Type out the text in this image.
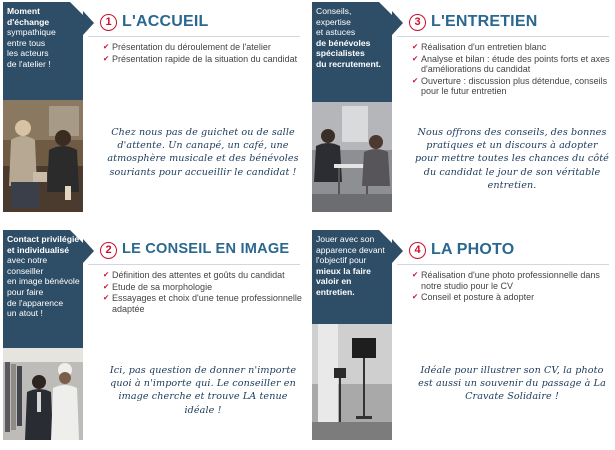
Moment
d'échange
sympathique
entre tous
les acteurs
de l'atelier !
1 L'ACCUEIL
✔ Présentation du déroulement de l'atelier
✔ Présentation rapide de la situation du candidat
Chez nous pas de guichet ou de salle d'attente. Un canapé, un café, une atmosphère musicale et des bénévoles souriants pour accueillir le candidat !
Conseils,
expertise
et astuces
de bénévoles
spécialistes
du recrutement.
3 L'ENTRETIEN
✔ Réalisation d'un entretien blanc
✔ Analyse et bilan : étude des points forts et axes d'améliorations du candidat
✔ Ouverture : discussion plus détendue, conseils pour le futur entretien
Nous offrons des conseils, des bonnes pratiques et un discours à adopter pour mettre toutes les chances du côté du candidat le jour de son véritable entretien.
Contact privilégié
et individualisé
avec notre
conseiller
en image bénévole
pour faire
de l'apparence
un atout !
2 LE CONSEIL EN IMAGE
✔ Définition des attentes et goûts du candidat
✔ Etude de sa morphologie
✔ Essayages et choix d'une tenue professionnelle adaptée
Ici, pas question de donner n'importe quoi à n'importe qui. Le conseiller en image cherche et trouve LA tenue idéale !
Jouer avec son
apparence devant
l'objectif pour
mieux la faire
valoir en entretien.
4 LA PHOTO
✔ Réalisation d'une photo professionnelle dans notre studio pour le CV
✔ Conseil et posture à adopter
Idéale pour illustrer son CV, la photo est aussi un souvenir du passage à La Cravate Solidaire !
